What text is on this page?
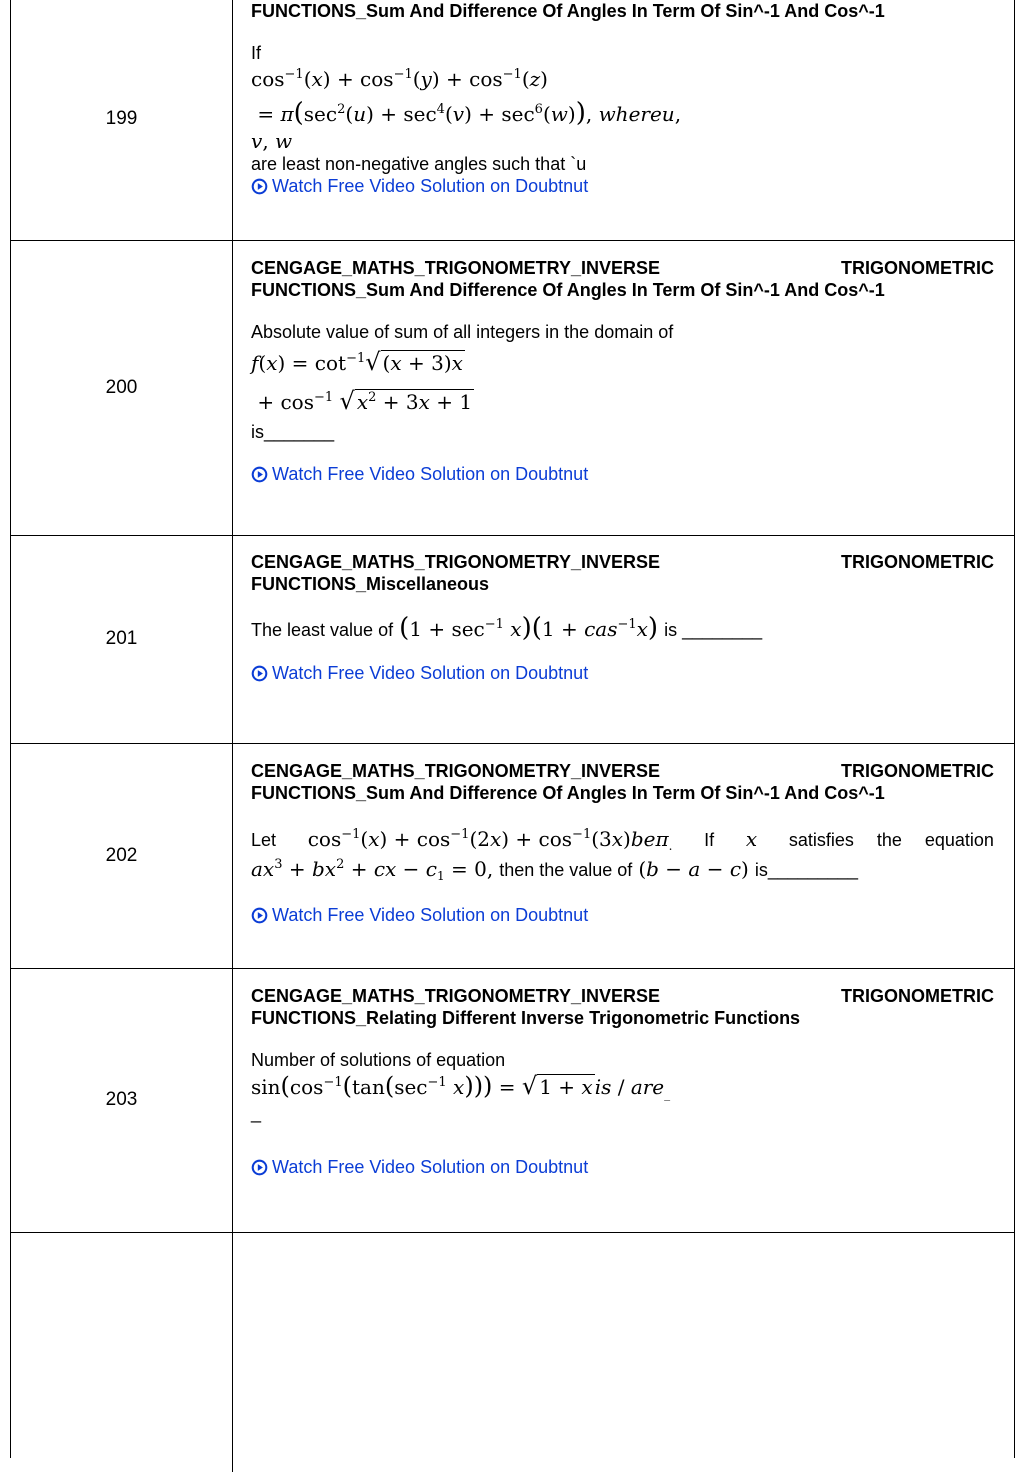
199
FUNCTIONS_Sum And Difference Of Angles In Term Of Sin^-1 And Cos^-1
If
$\cos^{-1}(x) + \cos^{-1}(y) + \cos^{-1}(z)$
= $\pi(\sec^2(u) + \sec^4(v) + \sec^6(w))$, whereu,
v, w
are least non-negative angles such that `u
Watch Free Video Solution on Doubtnut
200
CENGAGE_MATHS_TRIGONOMETRY_INVERSE	TRIGONOMETRIC
FUNCTIONS_Sum And Difference Of Angles In Term Of Sin^-1 And Cos^-1
Absolute value of sum of all integers in the domain of
$f(x) = \cot^{-1}√$ (x + 3)x
+ $\cos^{-1}$ √ $x^2 + 3x + 1$
is_______
Watch Free Video Solution on Doubtnut
201
CENGAGE_MATHS_TRIGONOMETRY_INVERSE	TRIGONOMETRIC
FUNCTIONS_Miscellaneous
The least value of $(1 + \sec^{-1} x)(1 + cas^{-1}x)$ is ________
Watch Free Video Solution on Doubtnut
202
CENGAGE_MATHS_TRIGONOMETRY_INVERSE	TRIGONOMETRIC
FUNCTIONS_Sum And Difference Of Angles In Term Of Sin^-1 And Cos^-1
Let $\cos^{-1}(x) + \cos^{-1}(2x) + \cos^{-1}(3x)be\pi_.$ If x satisfies the equation
$ax^3 + bx^2$ + cx − $c_1 = 0$, then the value of (b − a − c) is_________
Watch Free Video Solution on Doubtnut
203
CENGAGE_MATHS_TRIGONOMETRY_INVERSE	TRIGONOMETRIC
FUNCTIONS_Relating Different Inverse Trigonometric Functions
Number of solutions of equation
$\sin(\cos^{-1}(\tan(\sec^{-1}$ x))) = √ 1 + x is / are$_{\_}$
_
Watch Free Video Solution on Doubtnut
